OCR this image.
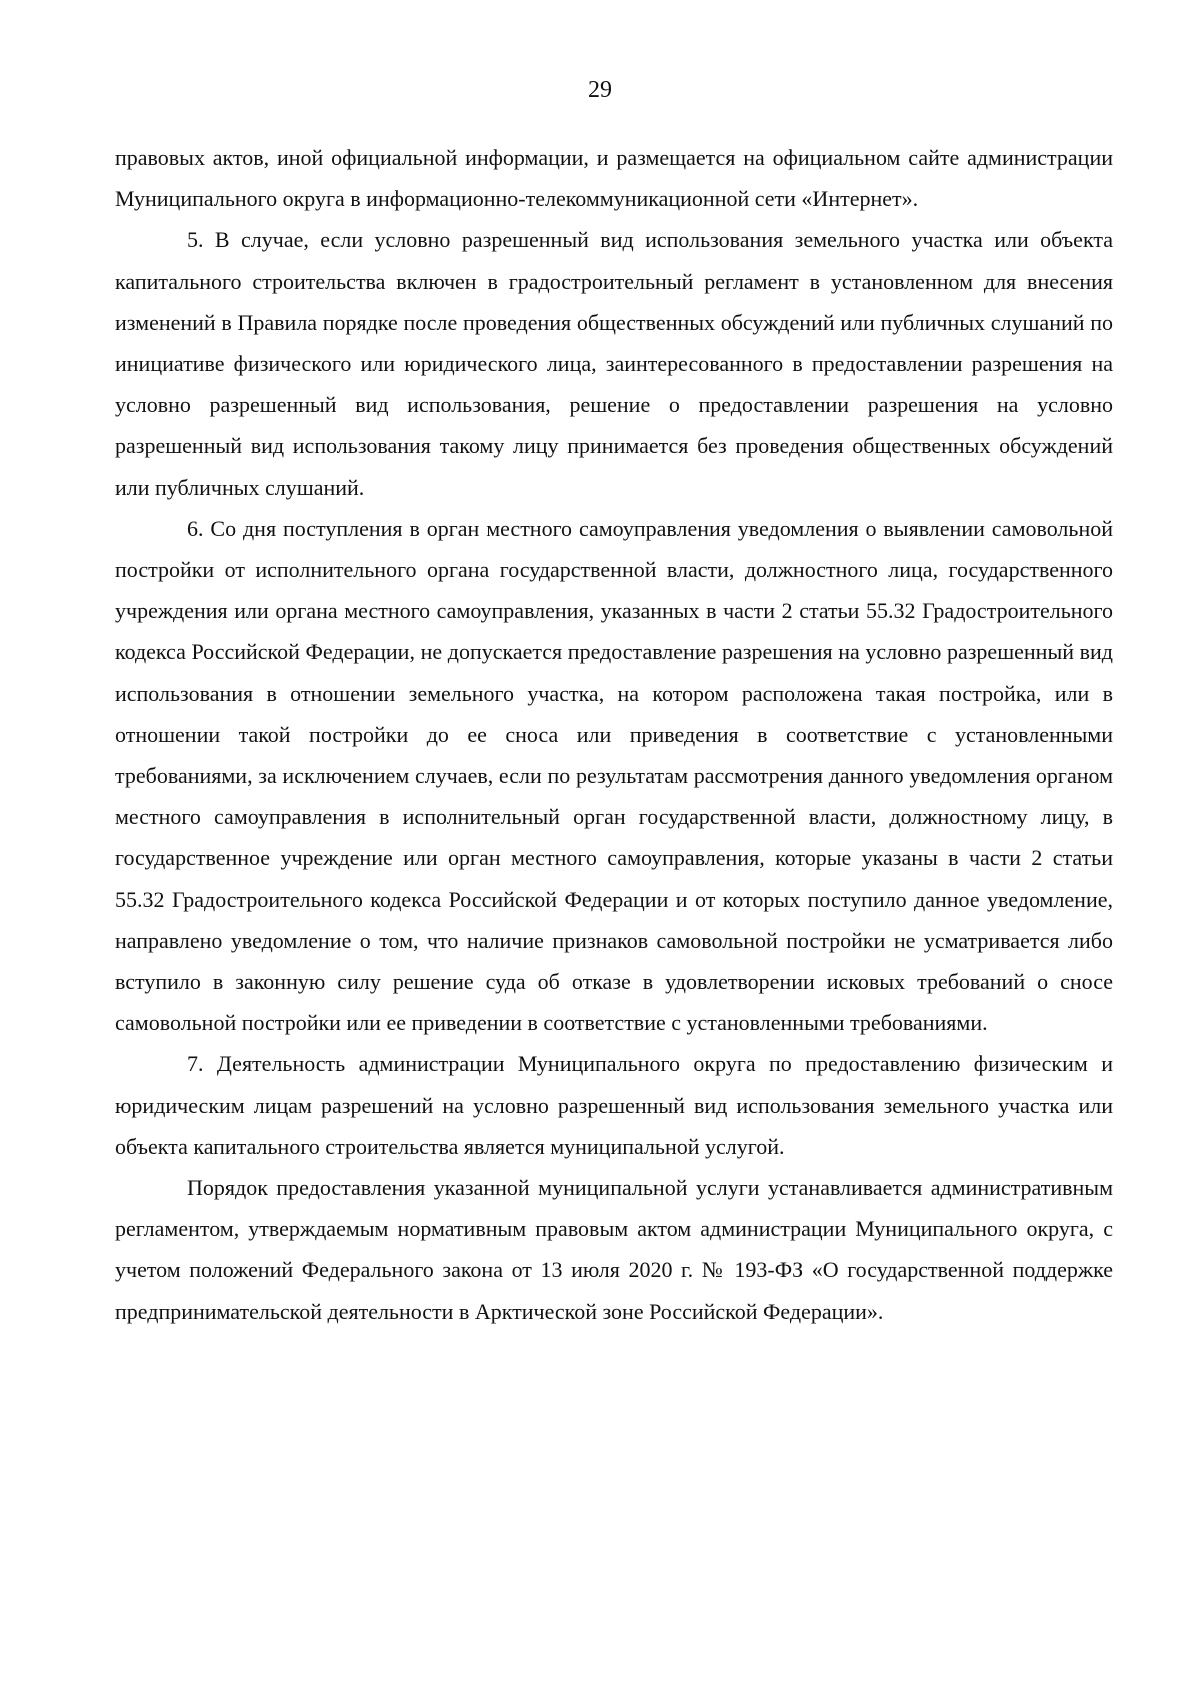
29

правовых актов, иной официальной информации, и размещается на официальном сайте администрации Муниципального округа в информационно-телекоммуникационной сети «Интернет».

5. В случае, если условно разрешенный вид использования земельного участка или объекта капитального строительства включен в градостроительный регламент в установленном для внесения изменений в Правила порядке после проведения общественных обсуждений или публичных слушаний по инициативе физического или юридического лица, заинтересованного в предоставлении разрешения на условно разрешенный вид использования, решение о предоставлении разрешения на условно разрешенный вид использования такому лицу принимается без проведения общественных обсуждений или публичных слушаний.

6. Со дня поступления в орган местного самоуправления уведомления о выявлении самовольной постройки от исполнительного органа государственной власти, должностного лица, государственного учреждения или органа местного самоуправления, указанных в части 2 статьи 55.32 Градостроительного кодекса Российской Федерации, не допускается предоставление разрешения на условно разрешенный вид использования в отношении земельного участка, на котором расположена такая постройка, или в отношении такой постройки до ее сноса или приведения в соответствие с установленными требованиями, за исключением случаев, если по результатам рассмотрения данного уведомления органом местного самоуправления в исполнительный орган государственной власти, должностному лицу, в государственное учреждение или орган местного самоуправления, которые указаны в части 2 статьи 55.32 Градостроительного кодекса Российской Федерации и от которых поступило данное уведомление, направлено уведомление о том, что наличие признаков самовольной постройки не усматривается либо вступило в законную силу решение суда об отказе в удовлетворении исковых требований о сносе самовольной постройки или ее приведении в соответствие с установленными требованиями.

7. Деятельность администрации Муниципального округа по предоставлению физическим и юридическим лицам разрешений на условно разрешенный вид использования земельного участка или объекта капитального строительства является муниципальной услугой.

Порядок предоставления указанной муниципальной услуги устанавливается административным регламентом, утверждаемым нормативным правовым актом администрации Муниципального округа, с учетом положений Федерального закона от 13 июля 2020 г. № 193-ФЗ «О государственной поддержке предпринимательской деятельности в Арктической зоне Российской Федерации».
